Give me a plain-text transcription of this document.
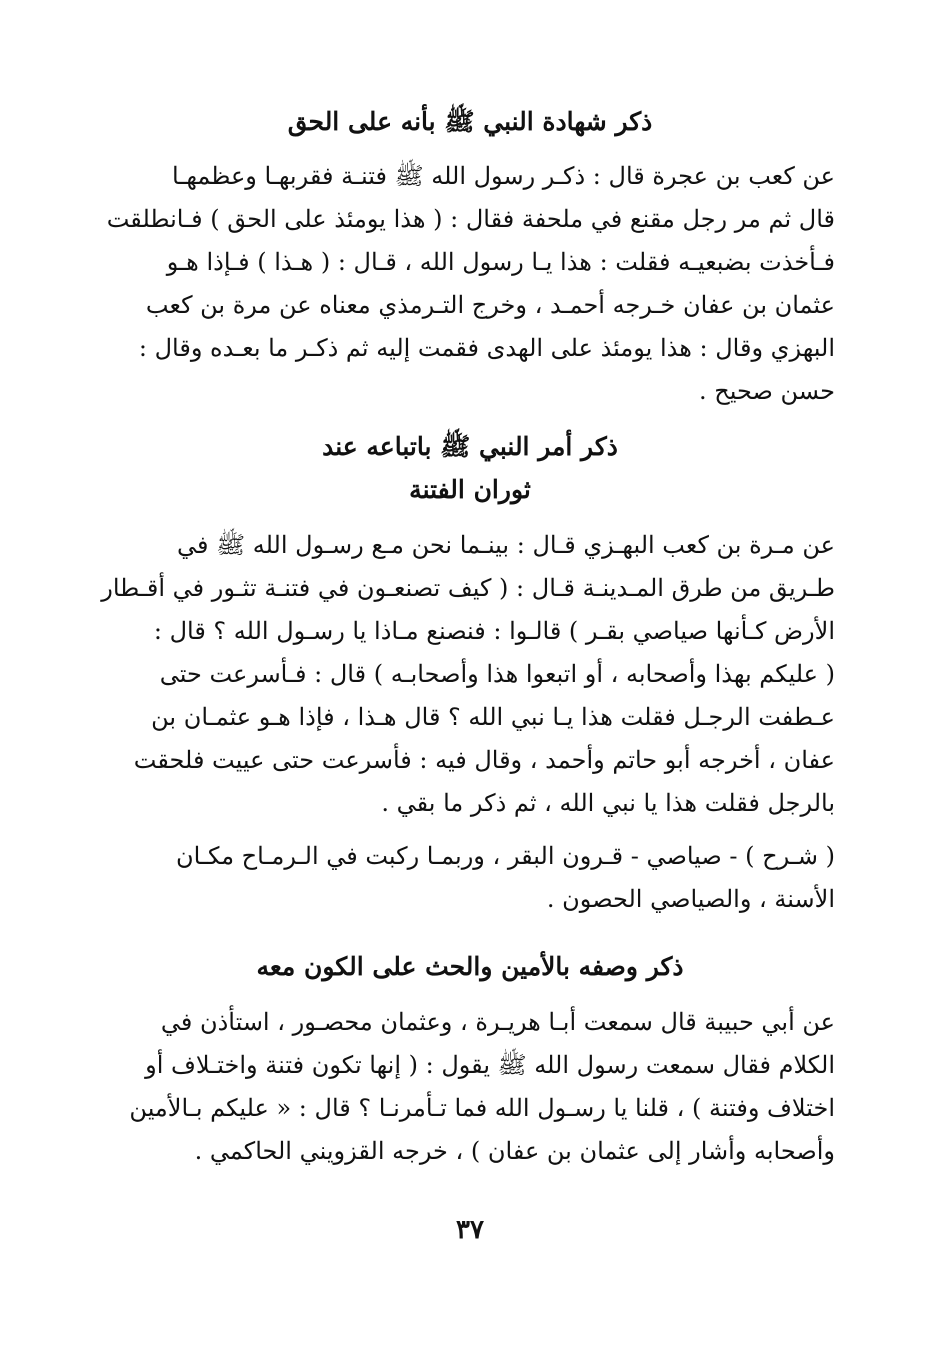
ذكر شهادة النبي ﷺ بأنه على الحق
عن كعب بن عجرة قال : ذكـر رسول الله ﷺ فتنـة فقربهـا وعظمهـا
قال ثم مر رجل مقنع في ملحفة فقال : ( هذا يومئذ على الحق ) فـانطلقت
فـأخذت بضبعيـه فقلت : هذا يـا رسول الله ، قـال : ( هـذا ) فـإذا هـو
عثمان بن عفان خـرجه أحمـد ، وخرج التـرمذي معناه عن مرة بن كعب
البهزي وقال : هذا يومئذ على الهدى فقمت إليه ثم ذكـر ما بعـده وقال :
حسن صحيح .
ذكر أمر النبي ﷺ باتباعه عند
ثوران الفتنة
عن مـرة بن كعب البهـزي قـال : بينـما نحن مـع رسـول الله ﷺ في
طـريق من طرق المـدينـة قـال : ( كيف تصنعـون في فتنـة تثـور في أقـطار
الأرض كـأنها صياصي بقـر ) قالـوا : فنصنع مـاذا يا رسـول الله ؟ قال :
( عليكم بهذا وأصحابه ، أو اتبعوا هذا وأصحابـه ) قال : فـأسرعت حتى
عـطفت الرجـل فقلت هذا يـا نبي الله ؟ قال هـذا ، فإذا هـو عثمـان بن
عفان ، أخرجه أبو حاتم وأحمد ، وقال فيه : فأسرعت حتى عييت فلحقت
بالرجل فقلت هذا يا نبي الله ، ثم ذكر ما بقي .
( شـرح ) - صياصي - قـرون البقر ، وربمـا ركبت في الـرمـاح مكـان
الأسنة ، والصياصي الحصون .
ذكر وصفه بالأمين والحث على الكون معه
عن أبي حبيبة قال سمعت أبـا هريـرة ، وعثمان محصـور ، استأذن في
الكلام فقال سمعت رسول الله ﷺ يقول : ( إنها تكون فتنة واختـلاف أو
اختلاف وفتنة ) ، قلنا يا رسـول الله فما تـأمرنـا ؟ قال : « عليكم بـالأمين
وأصحابه وأشار إلى عثمان بن عفان ) ، خرجه القزويني الحاكمي .
٣٧
